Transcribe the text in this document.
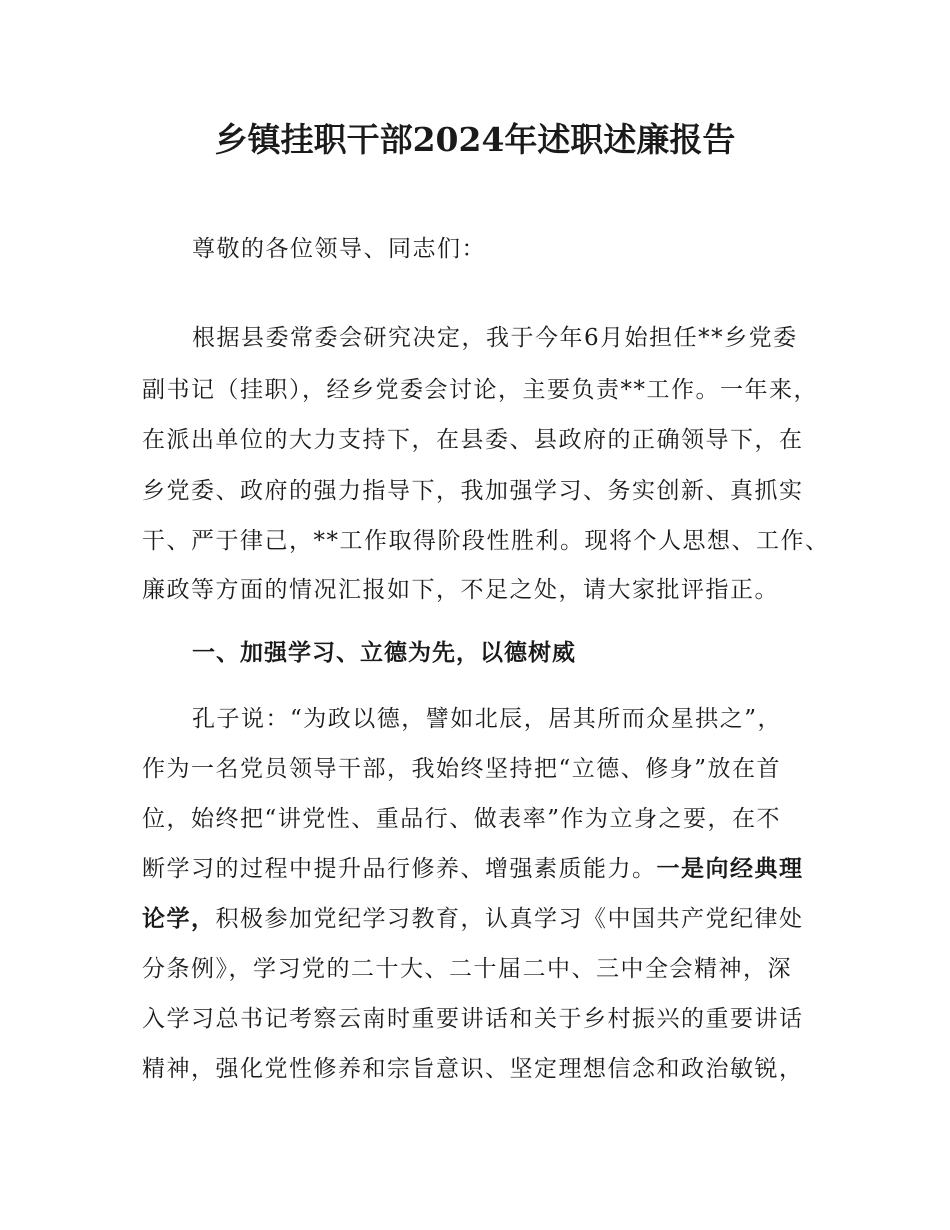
乡镇挂职干部2024年述职述廉报告
尊敬的各位领导、同志们：
根据县委常委会研究决定，我于今年6月始担任**乡党委
副书记（挂职），经乡党委会讨论，主要负责**工作。一年来，
在派出单位的大力支持下，在县委、县政府的正确领导下，在
乡党委、政府的强力指导下，我加强学习、务实创新、真抓实
干、严于律己，**工作取得阶段性胜利。现将个人思想、工作、
廉政等方面的情况汇报如下，不足之处，请大家批评指正。
一、加强学习、立德为先，以德树威
孔子说：“为政以德，譬如北辰，居其所而众星拱之”，
作为一名党员领导干部，我始终坚持把“立德、修身”放在首
位，始终把“讲党性、重品行、做表率”作为立身之要，在不
断学习的过程中提升品行修养、增强素质能力。一是向经典理
论学，积极参加党纪学习教育，认真学习《中国共产党纪律处
分条例》，学习党的二十大、二十届二中、三中全会精神，深
入学习总书记考察云南时重要讲话和关于乡村振兴的重要讲话
精神，强化党性修养和宗旨意识、坚定理想信念和政治敏锐，
